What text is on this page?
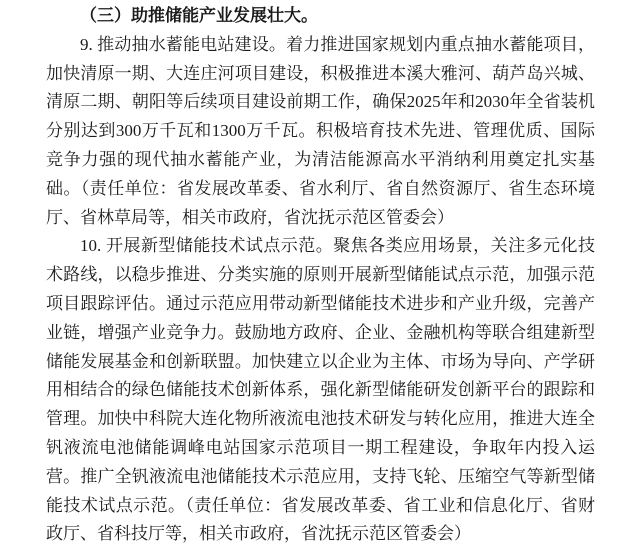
（三）助推储能产业发展壮大。

9. 推动抽水蓄能电站建设。着力推进国家规划内重点抽水蓄能项目，加快清原一期、大连庄河项目建设，积极推进本溪大雅河、葫芦岛兴城、清原二期、朝阳等后续项目建设前期工作，确保2025年和2030年全省装机分别达到300万千瓦和1300万千瓦。积极培育技术先进、管理优质、国际竞争力强的现代抽水蓄能产业，为清洁能源高水平消纳利用奠定扎实基础。（责任单位：省发展改革委、省水利厅、省自然资源厅、省生态环境厅、省林草局等，相关市政府，省沈抚示范区管委会）

10. 开展新型储能技术试点示范。聚焦各类应用场景，关注多元化技术路线，以稳步推进、分类实施的原则开展新型储能试点示范，加强示范项目跟踪评估。通过示范应用带动新型储能技术进步和产业升级，完善产业链，增强产业竞争力。鼓励地方政府、企业、金融机构等联合组建新型储能发展基金和创新联盟。加快建立以企业为主体、市场为导向、产学研用相结合的绿色储能技术创新体系，强化新型储能研发创新平台的跟踪和管理。加快中科院大连化物所液流电池技术研发与转化应用，推进大连全钒液流电池储能调峰电站国家示范项目一期工程建设，争取年内投入运营。推广全钒液流电池储能技术示范应用，支持飞轮、压缩空气等新型储能技术试点示范。（责任单位：省发展改革委、省工业和信息化厅、省财政厅、省科技厅等，相关市政府，省沈抚示范区管委会）
